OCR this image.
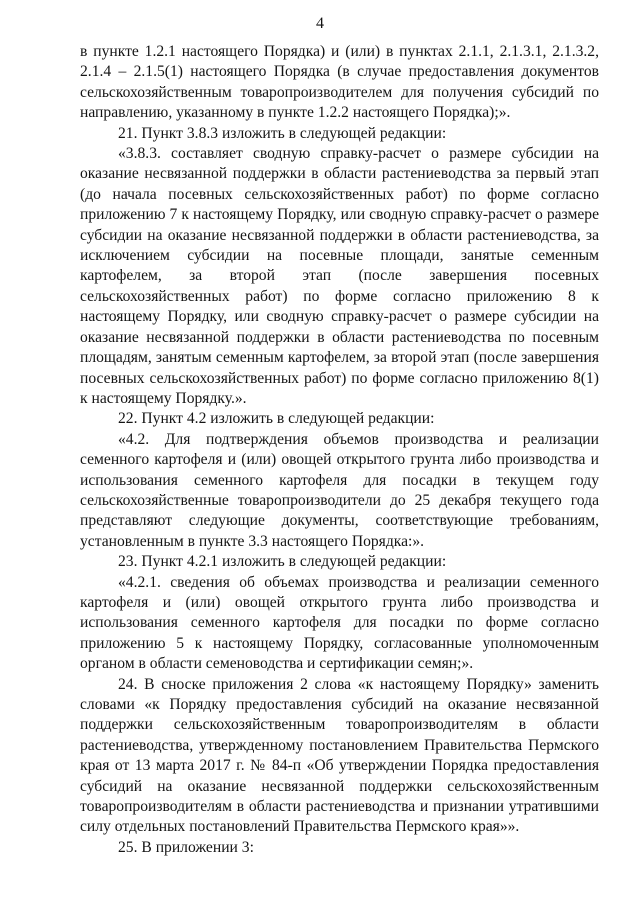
4

в пункте 1.2.1 настоящего Порядка) и (или) в пунктах 2.1.1, 2.1.3.1, 2.1.3.2, 2.1.4 – 2.1.5(1) настоящего Порядка (в случае предоставления документов сельскохозяйственным товаропроизводителем для получения субсидий по направлению, указанному в пункте 1.2.2 настоящего Порядка);».

21. Пункт 3.8.3 изложить в следующей редакции:

«3.8.3. составляет сводную справку-расчет о размере субсидии на оказание несвязанной поддержки в области растениеводства за первый этап (до начала посевных сельскохозяйственных работ) по форме согласно приложению 7 к настоящему Порядку, или сводную справку-расчет о размере субсидии на оказание несвязанной поддержки в области растениеводства, за исключением субсидии на посевные площади, занятые семенным картофелем, за второй этап (после завершения посевных сельскохозяйственных работ) по форме согласно приложению 8 к настоящему Порядку, или сводную справку-расчет о размере субсидии на оказание несвязанной поддержки в области растениеводства по посевным площадям, занятым семенным картофелем, за второй этап (после завершения посевных сельскохозяйственных работ) по форме согласно приложению 8(1) к настоящему Порядку.».

22. Пункт 4.2 изложить в следующей редакции:

«4.2. Для подтверждения объемов производства и реализации семенного картофеля и (или) овощей открытого грунта либо производства и использования семенного картофеля для посадки в текущем году сельскохозяйственные товаропроизводители до 25 декабря текущего года представляют следующие документы, соответствующие требованиям, установленным в пункте 3.3 настоящего Порядка:».

23. Пункт 4.2.1 изложить в следующей редакции:

«4.2.1. сведения об объемах производства и реализации семенного картофеля и (или) овощей открытого грунта либо производства и использования семенного картофеля для посадки по форме согласно приложению 5 к настоящему Порядку, согласованные уполномоченным органом в области семеноводства и сертификации семян;».

24. В сноске приложения 2 слова «к настоящему Порядку» заменить словами «к Порядку предоставления субсидий на оказание несвязанной поддержки сельскохозяйственным товаропроизводителям в области растениеводства, утвержденному постановлением Правительства Пермского края от 13 марта 2017 г. № 84-п «Об утверждении Порядка предоставления субсидий на оказание несвязанной поддержки сельскохозяйственным товаропроизводителям в области растениеводства и признании утратившими силу отдельных постановлений Правительства Пермского края»».

25. В приложении 3:
